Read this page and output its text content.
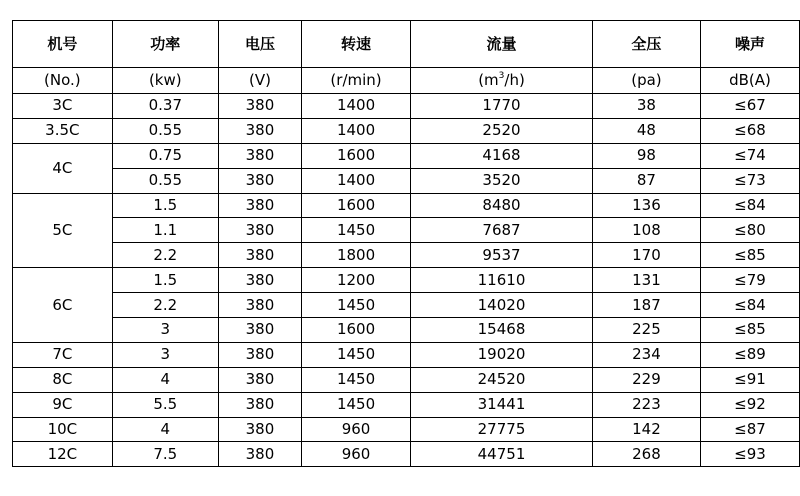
机号	功率	电压	转速	流量	全压	噪声
(No.)	(kw)	(V)	(r/min)	$(m^3/h)$	(pa)	dB(A)
3C	0.37	380	1400	1770	38	≤67
3.5C	0.55	380	1400	2520	48	≤68
4C	0.75	380	1600	4168	98	≤74
	0.55	380	1400	3520	87	≤73
5C	1.5	380	1600	8480	136	≤84
	1.1	380	1450	7687	108	≤80
	2.2	380	1800	9537	170	≤85
6C	1.5	380	1200	11610	131	≤79
	2.2	380	1450	14020	187	≤84
	3	380	1600	15468	225	≤85
7C	3	380	1450	19020	234	≤89
8C	4	380	1450	24520	229	≤91
9C	5.5	380	1450	31441	223	≤92
10C	4	380	960	27775	142	≤87
12C	7.5	380	960	44751	268	≤93
